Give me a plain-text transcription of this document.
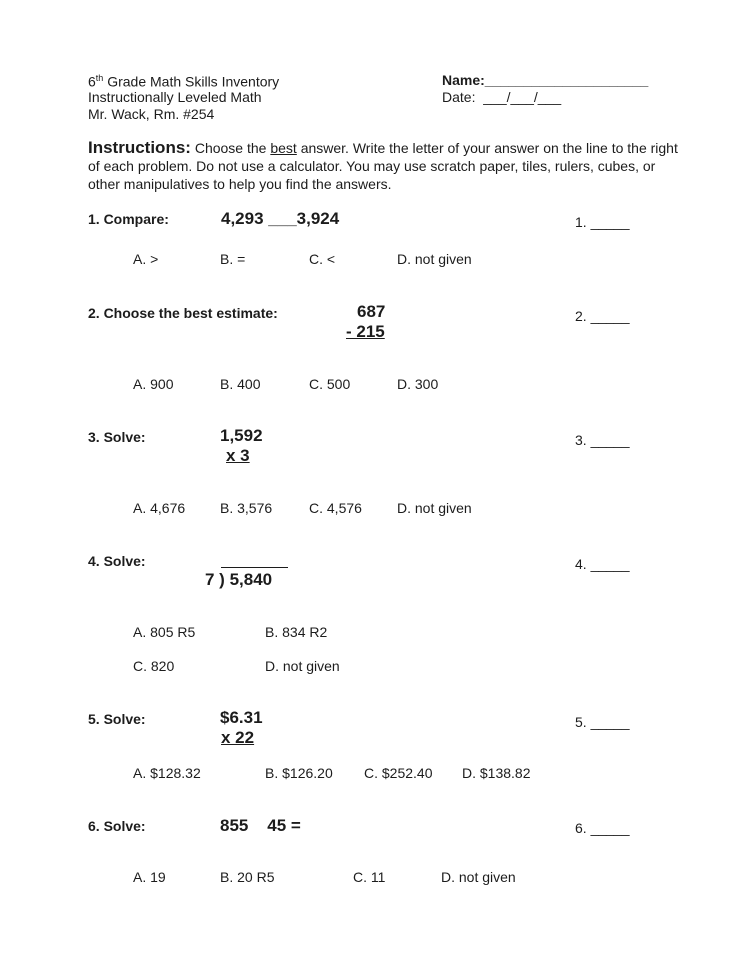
6th Grade Math Skills Inventory
Instructionally Leveled Math
Mr. Wack, Rm. #254
Name:_____________________
Date: ___/___/___
Instructions: Choose the best answer. Write the letter of your answer on the line to the right of each problem. Do not use a calculator. You may use scratch paper, tiles, rulers, cubes, or other manipulatives to help you find the answers.
1. Compare:	4,293 ___3,924	1. _____
A. >	B. =	C. <	D. not given
2. Choose the best estimate:	687
- 215
2. _____
A. 900	B. 400	C. 500	D. 300
3. Solve:	1,592
x 3
3. _____
A. 4,676 B. 3,576	C. 4,576	D. not given
4. Solve:
7 ) 5,840
4. _____
A. 805 R5	B. 834 R2
C. 820	D. not given
5. Solve:	$6.31
x 22
5. _____
A. $128.32	B. $126.20 C. $252.40 D. $138.82
6. Solve:	855    45 =	6. _____
A. 19	B. 20 R5	C. 11	D. not given
